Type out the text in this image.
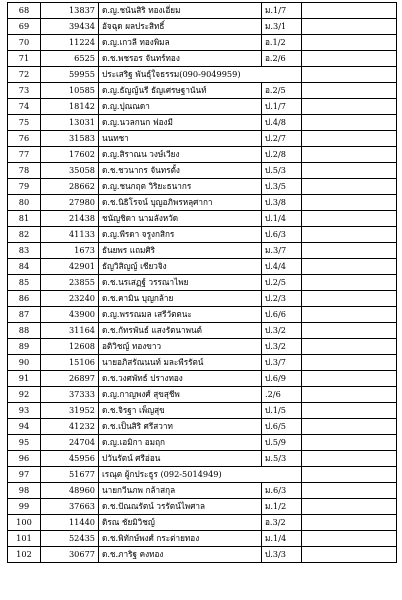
68	13837	ด.ญ.ชนันสิริ ทองเอี่ยม	ม.1/7	
69	39434	อัจฉุด ผลประสิทธิ์	ม.3/1	
70	11224	ด.ญ.เกวลี ทองพิมล	อ.1/2	
71	6525	ด.ช.พชรอร จันทร์ทอง	อ.2/6	
72	59955	ประเสริฐ พันธุ์ใจธรรม(090-9049959)		
73	10585	ด.ญ.ธัญญ์นรี ธัญเศรษฐานันท์	อ.2/5	
74	18142	ด.ญ.ปุณณดา	ป.1/7	
75	13031	ด.ญ.นวลกนก ฟองมี	ป.4/8	
76	31583	นนทชา	ป.2/7	
77	17602	ด.ญ.สิราณน วงษ์เวียง	ป.2/8	
78	35058	ด.ช.ชวนากร จันทรตั้ง	ป.5/3	
79	28662	ด.ญ.ชนกฤต วิริยะธนากร	ป.3/5	
80	27980	ด.ช.นิธิโรจน์ บุญอภิพรหลุศากา	ป.3/8	
81	21438	ชนัญชิดา นามลังหวัด	ป.1/4	
82	41133	ด.ญ.พีรดา จรูงกสิกร	ป.6/3	
83	1673	ธันยพร แถมศิริ	ม.3/7	
84	42901	ธัญวิสิญญ์ เชียวจิง	ป.4/4	
85	23855	ด.ช.นรเสฏฐ์ วรรณาไพย	ป.2/5	
86	23240	ด.ช.คามิน บุญกล้าย	ป.2/3	
87	43900	ด.ญ.พรรณมล เสรีวัตตนะ	ป.6/6	
88	31164	ด.ช.กัทรพันธ์ แสงรัตนาพนต์	ป.3/2	
89	12608	อติวิชญ์ ทองขาว	ป.3/2	
90	15106	นายอภิสรัณนนท์ มละพีรรัตน์	ป.3/7	
91	26897	ด.ช.วงศพัทธ์ ปรางทอง	ป.6/9	
92	37333	ด.ญ.กาญพงศ์ สุขสุชีพ	.2/6	
93	31952	ด.ช.จิรฐา เพ็ญสุข	ป.1/5	
94	41232	ด.ช.เป็นสิริ ศรีสวาท	ป.6/5	
95	24704	ด.ญ.เอมิกา อมฤก	ป.5/9	
96	45956	ปวันรัตน์ ศรีอ่อน	ม.5/3	
97	51677	เรณุต ผู้กประธูร (092-5014949)		
98	48960	นายกวีนภพ กล้าสกุล	ม.6/3	
99	37663	ด.ช.ปัณณรัตน์ วรรัตน์ไพศาล	ม.1/2	
100	11440	ดิรณ ชัยมิวิชญ์	อ.3/2	
101	52435	ด.ช.พิทักษ์พงศ์ กระต่ายทอง	ม.1/4	
102	30677	ด.ช.ภาริฐ คงทอง	ป.3/3	
